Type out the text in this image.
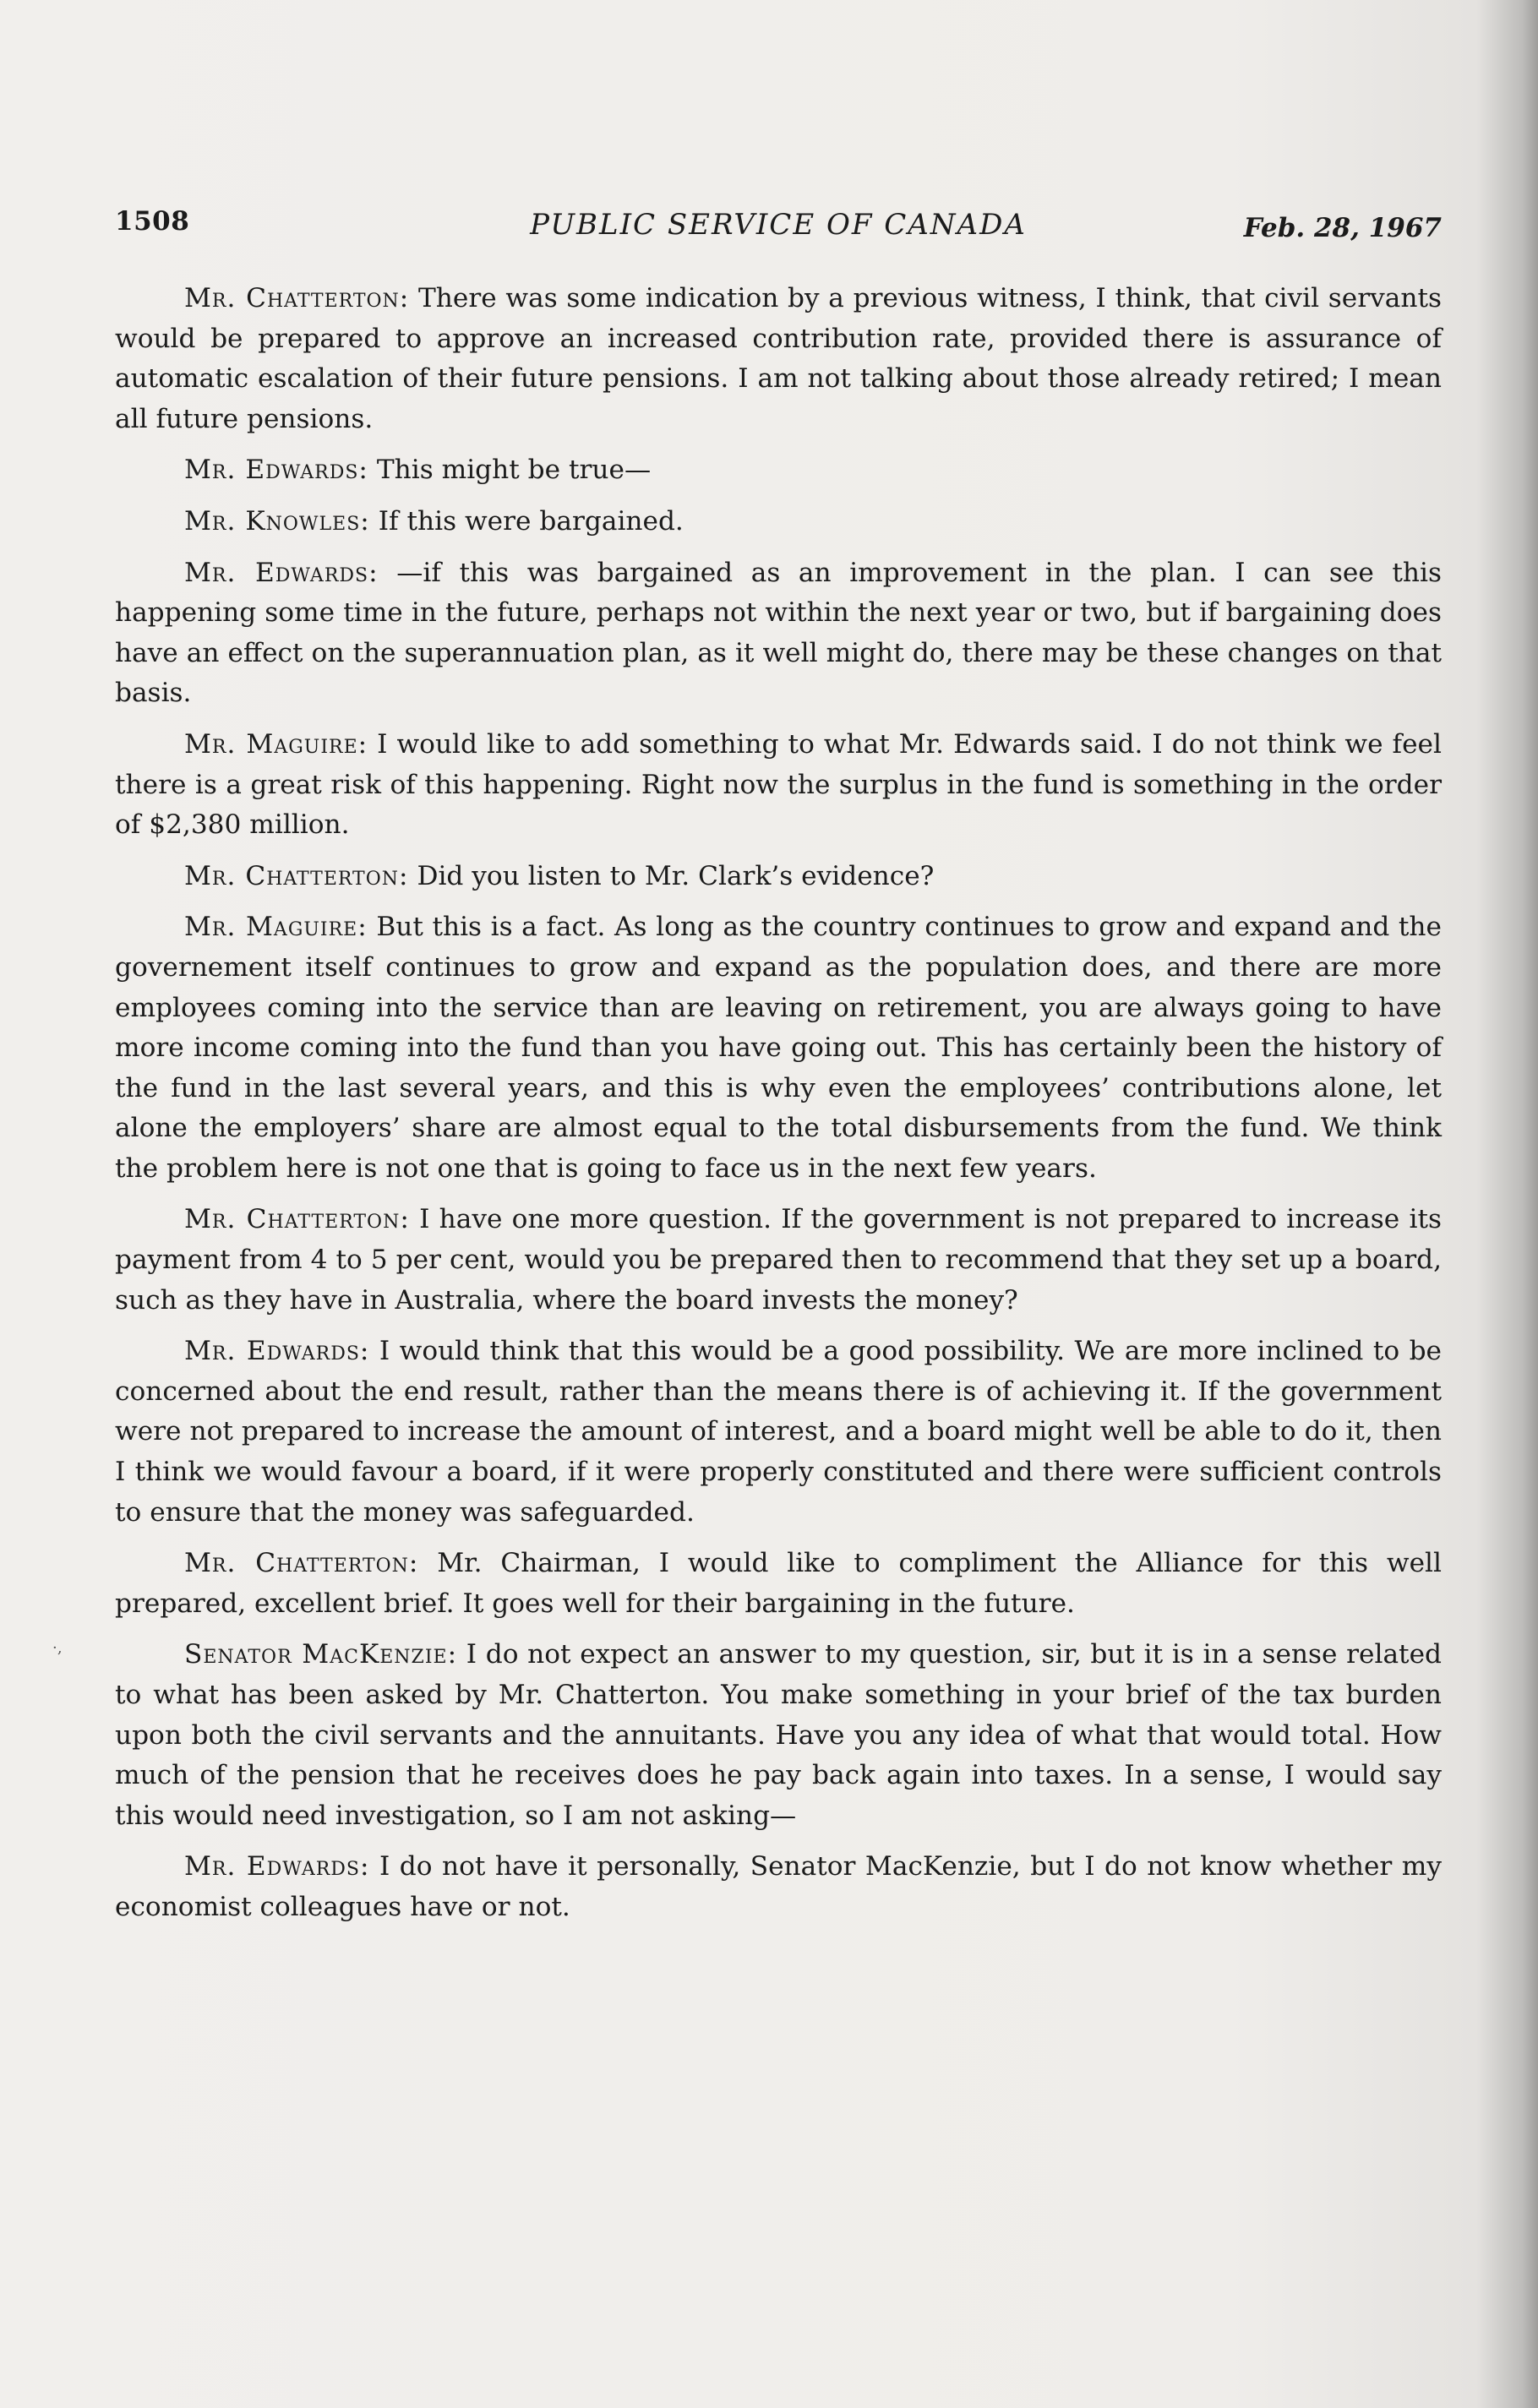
1508	PUBLIC SERVICE OF CANADA	Feb. 28, 1967

Mr. Chatterton: There was some indication by a previous witness, I think, that civil servants would be prepared to approve an increased contribution rate, provided there is assurance of automatic escalation of their future pensions. I am not talking about those already retired; I mean all future pensions.

Mr. Edwards: This might be true—

Mr. Knowles: If this were bargained.

Mr. Edwards: —if this was bargained as an improvement in the plan. I can see this happening some time in the future, perhaps not within the next year or two, but if bargaining does have an effect on the superannuation plan, as it well might do, there may be these changes on that basis.

Mr. Maguire: I would like to add something to what Mr. Edwards said. I do not think we feel there is a great risk of this happening. Right now the surplus in the fund is something in the order of $2,380 million.

Mr. Chatterton: Did you listen to Mr. Clark’s evidence?

Mr. Maguire: But this is a fact. As long as the country continues to grow and expand and the governement itself continues to grow and expand as the population does, and there are more employees coming into the service than are leaving on retirement, you are always going to have more income coming into the fund than you have going out. This has certainly been the history of the fund in the last several years, and this is why even the employees’ contributions alone, let alone the employers’ share are almost equal to the total disbursements from the fund. We think the problem here is not one that is going to face us in the next few years.

Mr. Chatterton: I have one more question. If the government is not prepared to increase its payment from 4 to 5 per cent, would you be prepared then to recommend that they set up a board, such as they have in Australia, where the board invests the money?

Mr. Edwards: I would think that this would be a good possibility. We are more inclined to be concerned about the end result, rather than the means there is of achieving it. If the government were not prepared to increase the amount of interest, and a board might well be able to do it, then I think we would favour a board, if it were properly constituted and there were sufficient controls to ensure that the money was safeguarded.

Mr. Chatterton: Mr. Chairman, I would like to compliment the Alliance for this well prepared, excellent brief. It goes well for their bargaining in the future.

Senator MacKenzie: I do not expect an answer to my question, sir, but it is in a sense related to what has been asked by Mr. Chatterton. You make something in your brief of the tax burden upon both the civil servants and the annuitants. Have you any idea of what that would total. How much of the pension that he receives does he pay back again into taxes. In a sense, I would say this would need investigation, so I am not asking—

Mr. Edwards: I do not have it personally, Senator MacKenzie, but I do not know whether my economist colleagues have or not.

·‚
